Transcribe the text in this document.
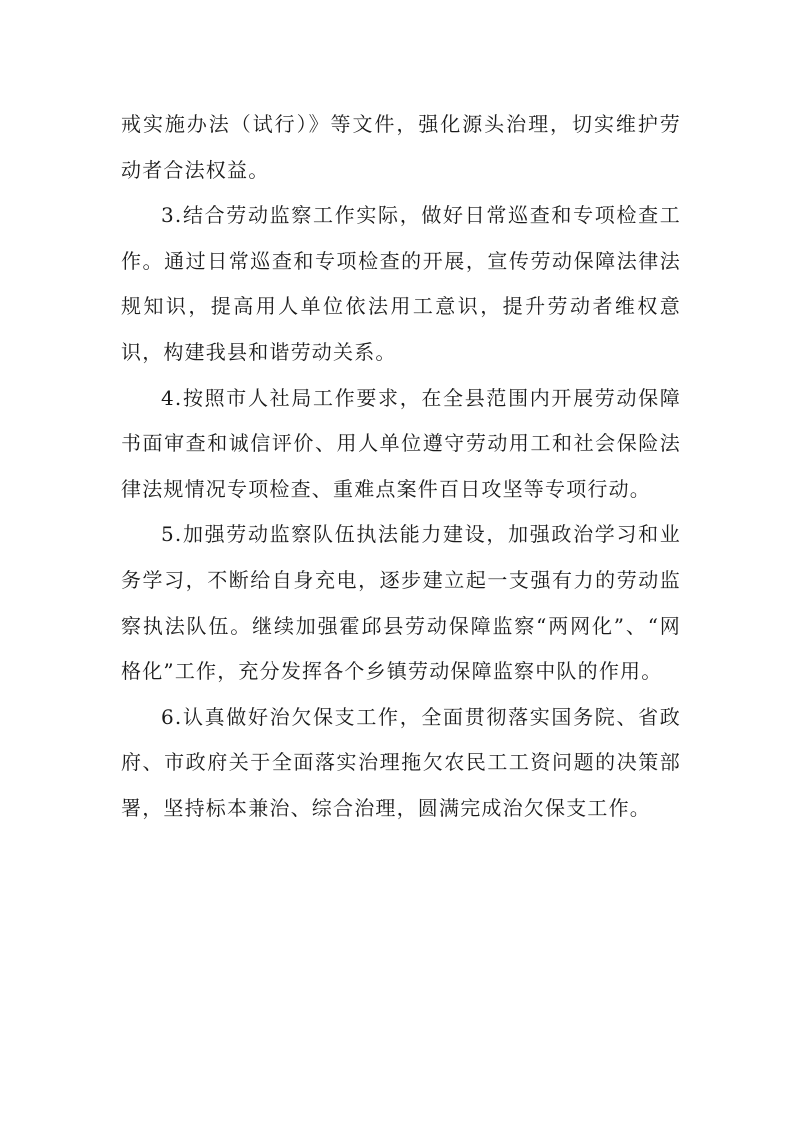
戒实施办法（试行）》等文件，强化源头治理，切实维护劳动者合法权益。

3.结合劳动监察工作实际，做好日常巡查和专项检查工作。通过日常巡查和专项检查的开展，宣传劳动保障法律法规知识，提高用人单位依法用工意识，提升劳动者维权意识，构建我县和谐劳动关系。

4.按照市人社局工作要求，在全县范围内开展劳动保障书面审查和诚信评价、用人单位遵守劳动用工和社会保险法律法规情况专项检查、重难点案件百日攻坚等专项行动。

5.加强劳动监察队伍执法能力建设，加强政治学习和业务学习，不断给自身充电，逐步建立起一支强有力的劳动监察执法队伍。继续加强霍邱县劳动保障监察“两网化”、“网格化”工作，充分发挥各个乡镇劳动保障监察中队的作用。

6.认真做好治欠保支工作，全面贯彻落实国务院、省政府、市政府关于全面落实治理拖欠农民工工资问题的决策部署，坚持标本兼治、综合治理，圆满完成治欠保支工作。
